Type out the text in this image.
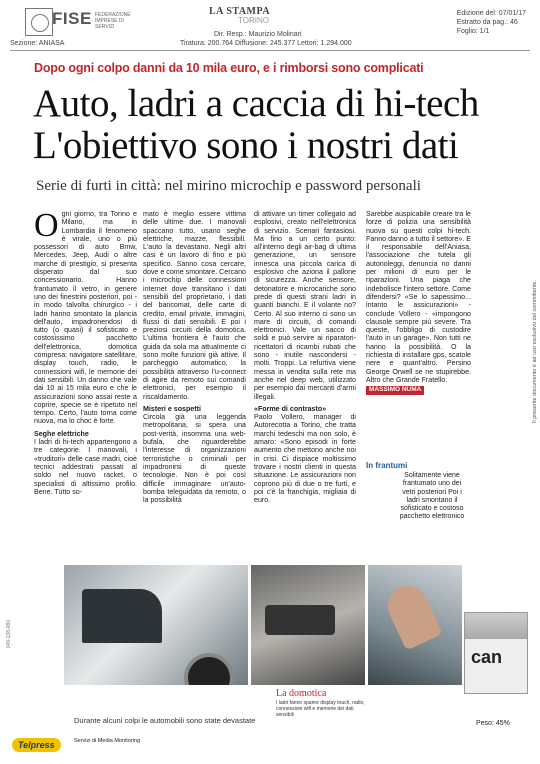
FISE FEDERAZIONE IMPRESE DI SERVIZI
Sezione: ANIASA
LA STAMPA
TORINO
Dir. Resp.: Maurizio Molinari
Tiratura: 200.764 Diffusione: 245.377 Lettori: 1.294.000
Edizione del: 07/01/17
Estratto da pag.: 46
Foglio: 1/1
Dopo ogni colpo danni da 10 mila euro, e i rimborsi sono complicati
Auto, ladri a caccia di hi-tech
L'obiettivo sono i nostri dati
Serie di furti in città: nel mirino microchip e password personali

Ogni giorno, tra Torino e Milano, ma in Lombardia il fenomeno è virale, uno o più possessori di auto Bmw, Mercedes, Jeep, Audi o altre marche di prestigio, si presenta disperato dal suo concessionario. Hanno frantumato il vetro, in genere uno dei finestrini posteriori, poi - in modo talvolta chirurgico - i ladri hanno smontato la plancia dell'auto, impadronendosi di tutto (o quasi) il sofisticato e costosissimo pacchetto dell'elettronica, domotica compresa: navigatore satellitare, display touch, radio, le connessioni wifi, le memorie dei dati sensibili. Un danno che vale dai 10 ai 15 mila euro e che le assicurazioni sono assai reste a coprire, specie se è ripetuto nel tempo. Certo, l'auto torna come nuova, ma lo choc è forte.

Seghe elettriche

I ladri di hi-tech appartengono a tre categorie. I manovali, i «truditori» delle case madri, cioè tecnici addestrati passati al soldo nel nuovo racket, o specialisti di altissimo profilo. Bene. Tutto so-

mato è meglio essere vittima delle ultime due. I manovali spaccano tutto, usano seghe elettriche, mazze, flessibili. L'auto la devastano. Negli altri casi è un lavoro di fino e più specifico. Sanno cosa cercare, dove e come smontare. Cercano i microchip delle connessioni internet dove transitano i dati sensibili del proprietario, i dati del bancomat, delle carte di credito, email private, immagini, flussi di dati sensibili. E poi i preziosi circuiti della domotica. L'ultima frontiera è l'auto che guida da sola ma attualmente ci sono molte funzioni già attive. Il parcheggio automatico, la possibilità attraverso l'u-connect di agire da remoto sui comandi elettronici, per esempio il riscaldamento.

Misteri e sospetti

Circola già una leggenda metropolitana, si spera una post-verità, insomma una web-bufala, che riguarderebbe l'interesse di organizzazioni terroristiche o criminali per impadronirsi di queste tecnologie. Non è poi così difficile immaginare un'auto-bomba teleguidata da remoto, o la possibilità

di attivare un timer collegato ad esplosivi, creato nell'elettronica di servizio. Scenari fantasiosi. Ma fino a un certo punto: all'interno degli air-bag di ultima generazione, un sensore innesca una piccola carica di esplosivo che aziona il pallone di sicurezza. Anche sensore, detonatore e microcariche sono prede di questi strani ladri in guanti bianchi. E il volante no? Certo. Al suo interno ci sono un mare di circuiti, di comandi elettronici. Vale un sacco di soldi e può servire ai riparatori-ricettatori di ricambi rubati che sono - inutile nascondersi - molti. Troppi. La refurtiva viene messa in vendita sulla rete ma anche nel deep web, utilizzato per esempio dai mercanti d'armi illegali.

«Forme di contrasto»

Paolo Vollero, manager di Autorecotta a Torino, che tratta marchi tedeschi ma non solo, è amaro: «Sono episodi in forte aumento che mettono anche noi in crisi. Ci dispiace moltissimo trovare i nostri clienti in questa situazione. Le assicurazioni non coprono più di due o tre furti, e poi c'è la franchigia, migliaia di euro.

Sarebbe auspicabile creare tra le forze di polizia una sensibilità nuova su questi colpi hi-tech. Fanno danno a tutto il settore». E il responsabile dell'Aniasa, l'associazione che tutela gli autonoleggi, denuncia no danni per milioni di euro per le riparazioni. Una piaga che indebolisce l'intero settore. Come difendersi? «Se lo sapessimo... intanto le assicurazioni» - conclude Vollero - «impongono clausole sempre più severe. Tra queste, l'obbligo di custodire l'auto in un garage». Non tutti ne hanno la possibilità. O la richiesta di installare gps, scatole nere e quant'altro. Persino George Orwell se ne stupirebbe. Altro che Grande Fratello.

MASSIMO NUMA
In frantumi
Solitamente viene frantumato uno dei vetri posteriori Poi i ladri smontano il sofisticato e costoso pacchetto elettronico
La domotica
I ladri fanno sparire display touch, radio, connessioni wifi e memorie dei dati sensibili
Durante alcuni colpi le automobili sono state devastate
can
Peso: 45%
049-138-080
Il presente documento è ad uso esclusivo del committente.
Telpress	Servizi di Media Monitoring
